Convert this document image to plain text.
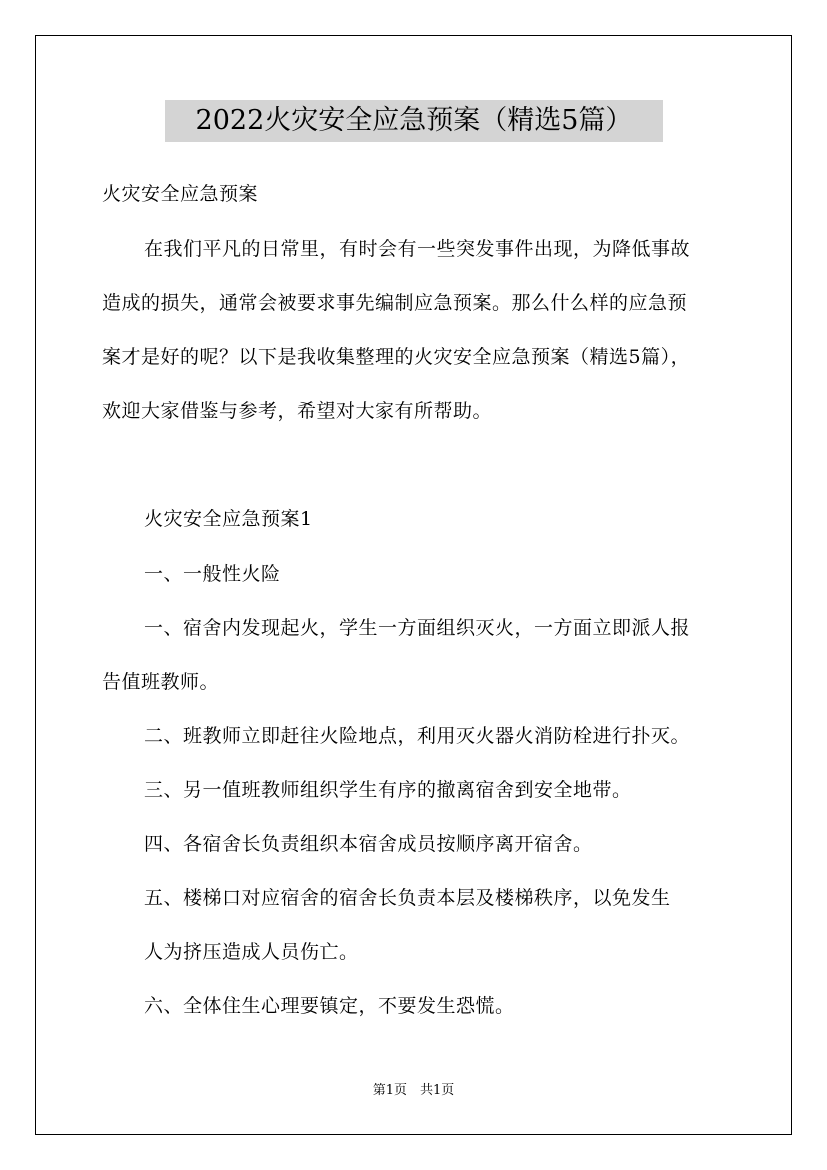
2022火灾安全应急预案（精选5篇）
火灾安全应急预案
在我们平凡的日常里，有时会有一些突发事件出现，为降低事故
造成的损失，通常会被要求事先编制应急预案。那么什么样的应急预
案才是好的呢？以下是我收集整理的火灾安全应急预案（精选5篇），
欢迎大家借鉴与参考，希望对大家有所帮助。
火灾安全应急预案1
一、一般性火险
一、宿舍内发现起火，学生一方面组织灭火，一方面立即派人报
告值班教师。
二、班教师立即赶往火险地点，利用灭火器火消防栓进行扑灭。
三、另一值班教师组织学生有序的撤离宿舍到安全地带。
四、各宿舍长负责组织本宿舍成员按顺序离开宿舍。
五、楼梯口对应宿舍的宿舍长负责本层及楼梯秩序，以免发生
人为挤压造成人员伤亡。
六、全体住生心理要镇定，不要发生恐慌。
第1页　共1页
